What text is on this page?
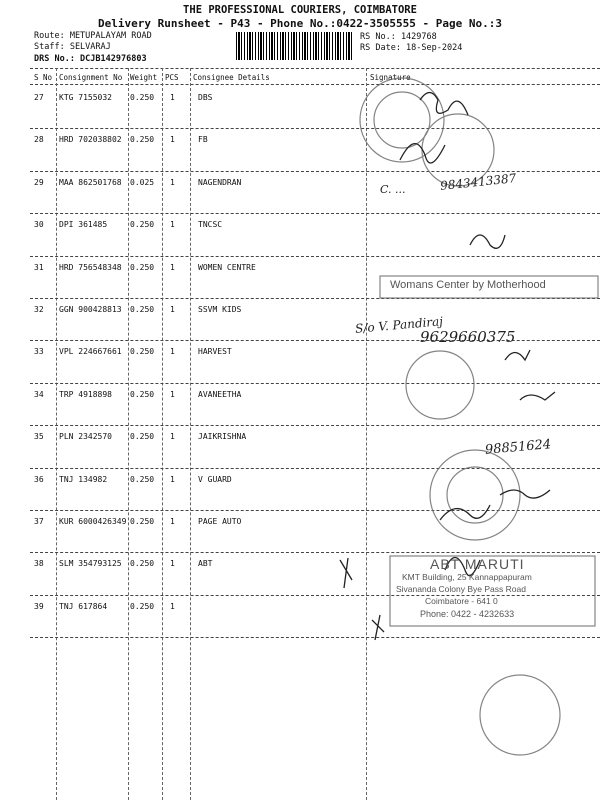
THE PROFESSIONAL COURIERS, COIMBATORE
Delivery Runsheet - P43 - Phone No.:0422-3505555 - Page No.:3
Route: METUPALAYAM ROAD
Staff: SELVARAJ
DRS No.: DCJB142976803
RS No.: 1429768
RS Date: 18-Sep-2024
S No Consignment No Weight PCS Consignee Details	Signature
27 KTG 7155032 0.250 1	DBS
28 HRD 702038802 0.250 1	FB
29 MAA 862501768 0.025 1	NAGENDRAN
30 DPI 361485	0.250 1	TNCSC
31 HRD 756548348 0.250 1	WOMEN CENTRE
32 GGN 900428813 0.250 1	SSVM KIDS
33 VPL 224667661 0.250 1	HARVEST
34 TRP 4918898 0.250 1	AVANEETHA
35 PLN 2342570 0.250 1	JAIKRISHNA
36 TNJ 134982	0.250 1	V GUARD
37 KUR 6000426349 0.250 1	PAGE AUTO
38 SLM 354793125 0.250 1	ABT
39 TNJ 617864	0.250 1
Womans Center by Motherhood
ABT MARUTI
KMT Building, 25 Kannappapuram
Sivananda Colony Bye Pass Road
Coimbatore - 641 0
Phone: 0422 - 4232633
9843413387
C. ...
S/o V. Pandiraj
9629660375
98851624
